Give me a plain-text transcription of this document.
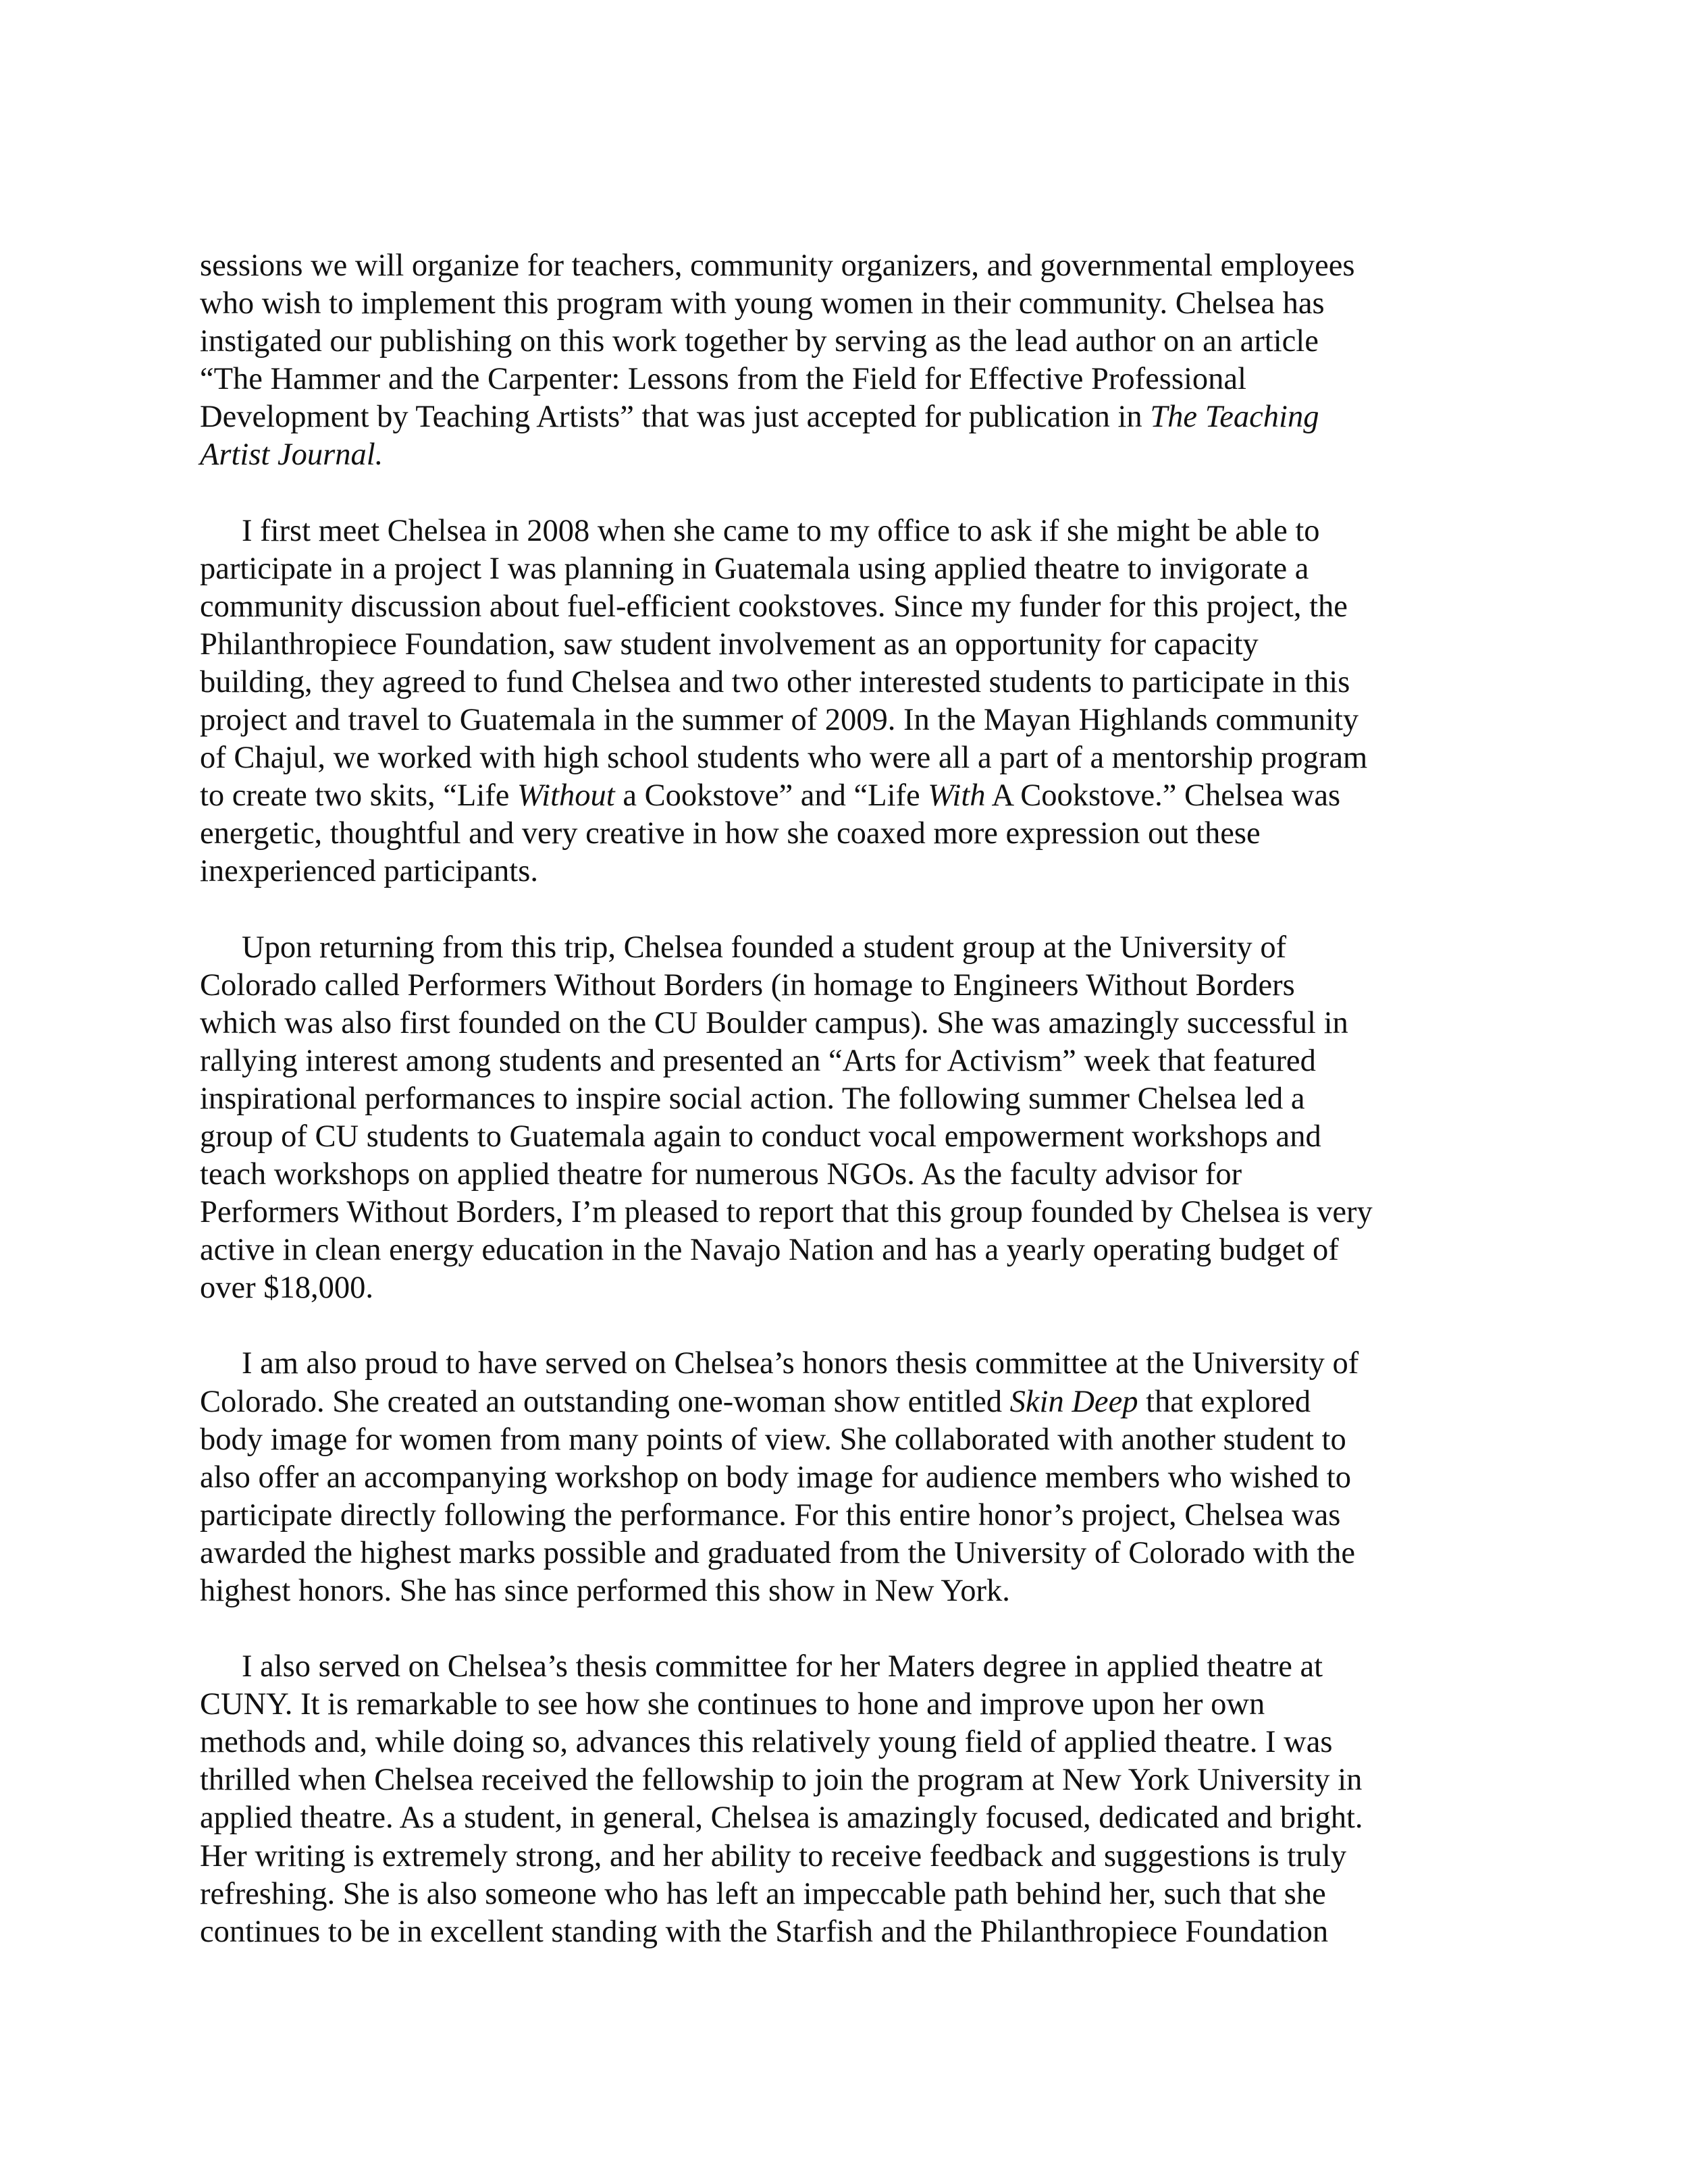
sessions we will organize for teachers, community organizers, and governmental employees
who wish to implement this program with young women in their community. Chelsea has
instigated our publishing on this work together by serving as the lead author on an article
“The Hammer and the Carpenter: Lessons from the Field for Effective Professional
Development by Teaching Artists” that was just accepted for publication in The Teaching
Artist Journal.
I first meet Chelsea in 2008 when she came to my office to ask if she might be able to
participate in a project I was planning in Guatemala using applied theatre to invigorate a
community discussion about fuel-efficient cookstoves. Since my funder for this project, the
Philanthropiece Foundation, saw student involvement as an opportunity for capacity
building, they agreed to fund Chelsea and two other interested students to participate in this
project and travel to Guatemala in the summer of 2009. In the Mayan Highlands community
of Chajul, we worked with high school students who were all a part of a mentorship program
to create two skits, “Life Without a Cookstove” and “Life With A Cookstove.” Chelsea was
energetic, thoughtful and very creative in how she coaxed more expression out these
inexperienced participants.
Upon returning from this trip, Chelsea founded a student group at the University of
Colorado called Performers Without Borders (in homage to Engineers Without Borders
which was also first founded on the CU Boulder campus). She was amazingly successful in
rallying interest among students and presented an “Arts for Activism” week that featured
inspirational performances to inspire social action. The following summer Chelsea led a
group of CU students to Guatemala again to conduct vocal empowerment workshops and
teach workshops on applied theatre for numerous NGOs. As the faculty advisor for
Performers Without Borders, I’m pleased to report that this group founded by Chelsea is very
active in clean energy education in the Navajo Nation and has a yearly operating budget of
over $18,000.
I am also proud to have served on Chelsea’s honors thesis committee at the University of
Colorado. She created an outstanding one-woman show entitled Skin Deep that explored
body image for women from many points of view. She collaborated with another student to
also offer an accompanying workshop on body image for audience members who wished to
participate directly following the performance. For this entire honor’s project, Chelsea was
awarded the highest marks possible and graduated from the University of Colorado with the
highest honors. She has since performed this show in New York.
I also served on Chelsea’s thesis committee for her Maters degree in applied theatre at
CUNY. It is remarkable to see how she continues to hone and improve upon her own
methods and, while doing so, advances this relatively young field of applied theatre. I was
thrilled when Chelsea received the fellowship to join the program at New York University in
applied theatre. As a student, in general, Chelsea is amazingly focused, dedicated and bright.
Her writing is extremely strong, and her ability to receive feedback and suggestions is truly
refreshing. She is also someone who has left an impeccable path behind her, such that she
continues to be in excellent standing with the Starfish and the Philanthropiece Foundation
